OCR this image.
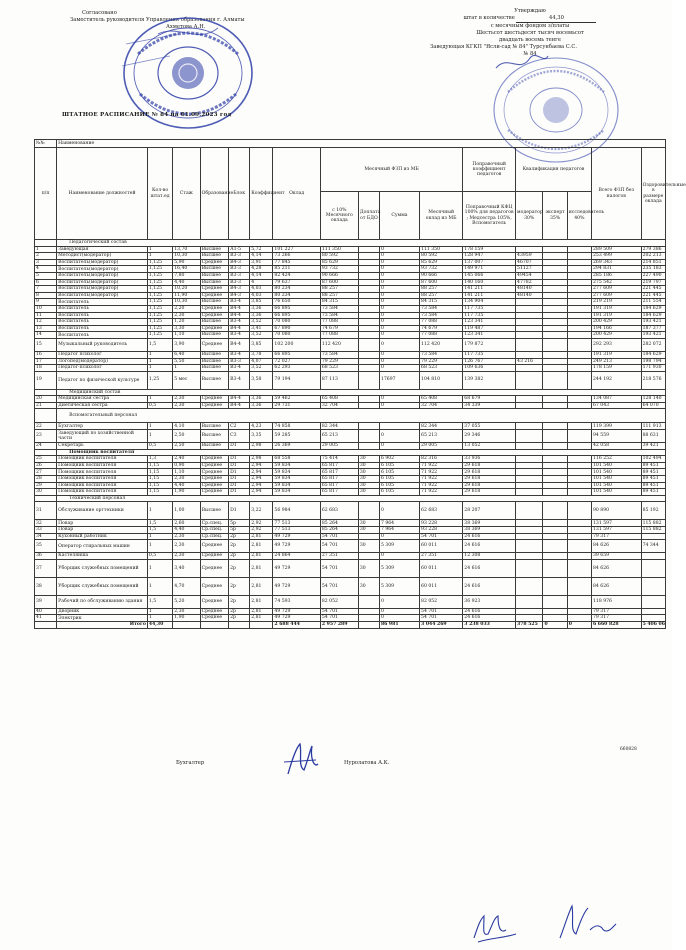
Согласовано
Заместитель руководителя Управления образования г. Алматы
Ахметова А.Н.
Утверждаю
штат в количестве	44,30
с месячным фондом з/платы
Шестьсот шестьдесят тысяч восемьсот
двадцать восемь тенге
Заведующая КГКП "Ясли-сад № 84" Турсунбаева С.С.
№ 84
ШТАТНОЕ РАСПИСАНИЕ № 84 на 01.09.2023 год
№№	Наименование																
п/п	Наименование должностей	Кол-во штат.ед	Стаж	Образование	Блок	Коэффициент	Оклад	Месячный ФЗП из МБ				Поправочный коэффициент педагогов	Квалификация педагогов			Всего ФЗП без налогов	Оздоровительные в размере оклада
								с 10% Месячного оклада	Доплата от БДО	Сумма	Месячный оклад из МБ	Поправочный КФЦ 100% для педагогов ; Медсестра 105%, Вспомогатель	модератор 30%	эксперт 35%	исследователь 40%		
	Педагогический состав																
1	Заведующая	1	13,70	Высшее	А1-5	5,72	101 227	111 350		0	111 350	178 159				289 509	279 386
2	Методист(модератор)	1	10,30	Высшее	В3-3	4,14	73 266	80 592		0	80 592	128 947	43959			253 499	202 213
3	Воспитатель(модератор)	1,125	5,90	Среднее	В4-3	3,91	77 845	85 629		0	85 629	137 007	46707			269 343	214 851
4	Воспитатель(модератор)	1,125	16,40	Высшее	В3-3	4,28	85 211	93 732		0	93 732	149 971	51127			294 831	235 183
5	Воспитатель(модератор)	1,125	7,80	Высшее	В3-3	4,14	82 424	90 666		0	90 666	145 066	49454			285 186	227 490
6	Воспитатель(модератор)	1,125	4,40	Высшее	В3-3	4	79 637	87 600		0	87 600	140 160	47782			275 542	219 797
7	Воспитатель(модератор)	1,125	10,20	Среднее	В4-3	4,03	80 234	88 257		0	88 257	141 211	48140			277 609	221 445
8	Воспитатель(модератор)	1,125	11,90	Среднее	В4-3	4,03	80 234	88 257		0	88 257	141 211	48140			277 609	221 445
9	Воспитатель	1,125	10,30	Высшее	В3-4	3,85	76 650	84 315		0	84 315	134 904				219 219	211 554
10	Воспитатель	1,125	2,20	Среднее	В4-4	3,36	66 895	73 584		0	73 584	117 735				191 319	184 629
11	Воспитатель	1,125	2,30	Среднее	В4-4	3,36	66 895	73 584		0	73 584	117 735				191 319	184 629
12	Воспитатель	1,125	1,20	Высшее	В3-4	3,52	70 080	77 088		0	77 088	123 341				200 429	193 421
13	Воспитатель	1,125	3,30	Среднее	В4-4	3,41	67 890	74 679		0	74 679	119 487				194 166	187 377
14	Воспитатель	1,125	1,10	Высшее	В3-4	3,52	70 080	77 088		0	77 088	123 341				200 429	193 421
15	Музыкальный руководитель	1,5	3,90	Среднее	В4-4	3,85	102 200	112 420		0	112 420	179 872				292 293	282 072
16	Педагог психолог	1	6,40	Высшее	В3-4	3,78	66 895	73 584		0	73 584	117 735				191 319	184 629
17	Логопед(модератор)	1	5,50	Высшее	В3-3	4,07	72 027	79 229		0	79 229	126 767	43 216			249 213	198 794
18	Педагог-психолог	1	1	Высшее	В3-4	3,52	62 293	68 523		0	68 523	109 636				178 159	171 930
19	Педагог по физической культуре	1,25	5 мес	Высшее	В3-4	3,58	79 194	87 113		17697	104 810	139 382				244 192	218 576
	Медицинский состав																
20	Медицинская сестра	1	2,30	Среднее	В4-4	3,36	59 462	65 408		0	65 408	68 679				134 087	128 140
21	Диетическая сестра	0,5	2,30	Среднее	В4-4	3,36	29 731	32 704		0	32 704	34 339				67 043	64 070
	Вспомогательный персонал																
22	Бухгалтер	1	4,10	Высшее	С2	4,23	74 858	82 344			82 344	37 055				119 399	111 913
23	Заведующий по хозяйственной части	1	2,50	Высшее	С3	3,35	59 285	65 213		0	65 213	29 346				94 559	88 631
24	Секретарь	0,5	2,50	Высшее	D1	2,98	26 369	29 005		0	29 005	13 052				42 058	39 421
	Помощник воспитателя																
25	Помощник воспитателя	1,3	2,40	Среднее	D1	2,98	68 558	75 414	30	6 902	82 316	33 936				116 252	102 494
26	Помощник воспитателя	1,15	0,90	Среднее	D1	2,94	59 834	65 817	30	6 105	71 922	29 618				101 540	89 451
27	Помощник воспитателя	1,15	1,10	Среднее	D1	2,94	59 834	65 817	30	6 105	71 922	29 618				101 540	89 451
28	Помощник воспитателя	1,15	2,30	Среднее	D1	2,94	59 834	65 817	30	6 105	71 922	29 618				101 540	89 451
29	Помощник воспитателя	1,15	4,40	Среднее	D1	2,94	59 834	65 817	30	6 105	71 922	29 618				101 540	89 451
30	Помощник воспитателя	1,15	1,90	Среднее	D1	2,94	59 834	65 817	30	6 105	71 922	29 618				101 540	89 451
	Технический персонал																
31	Обслуживание оргтехники	1	1,00	Высшее	D1	3,22	56 984	62 683		0	62 683	28 207				90 890	85 192
32	Повар	1,5	2,60	Ср.спец.	5р	2,92	77 513	85 264	30	7 964	93 228	38 369				131 597	115 882
33	Повар	1,5	4,40	Ср.спец.	5р	2,92	77 513	85 264	30	7 964	93 228	38 369				131 597	115 882
34	Кухонный работник	1	2,30	Ср.спец.	2р	2,81	49 729	54 701		0	54 701	24 616				79 317	
35	Оператор стиральных машин	1	2,30	Среднее	2р	2,81	49 729	54 701	30	5 309	60 011	24 616				84 626	74 344
36	Кастелянша	0,5	2,30	Среднее	2р	2,81	24 864	27 351		0	27 351	12 308				39 659	
37	Уборщик служебных помещений	1	3,40	Среднее	2р	2,81	49 729	54 701	30	5 309	60 011	24 616				84 626	
38	Уборщик служебных помещений	1	4,70	Среднее	2р	2,81	49 729	54 701	30	5 309	60 011	24 616				84 626	
39	Рабочий по обслуживанию здания	1,5	5,20	Среднее	2р	2,81	74 593	82 052		0	82 052	36 923				118 976	
40	Дворник	1	2,30	Среднее	2р	2,81	49 729	54 701		0	54 701	24 616				79 317	
41	Электрик	1	1,90	Среднее	2р	2,81	49 729	54 701		0	54 701	24 616				79 317	
	Итого	44,30					2 688 444	2 957 289		86 981	3 044 269	3 238 033	378 525	0	0	6 660 828	5 406 06
660828
Бухгалтер	Нуролатова А.К.
